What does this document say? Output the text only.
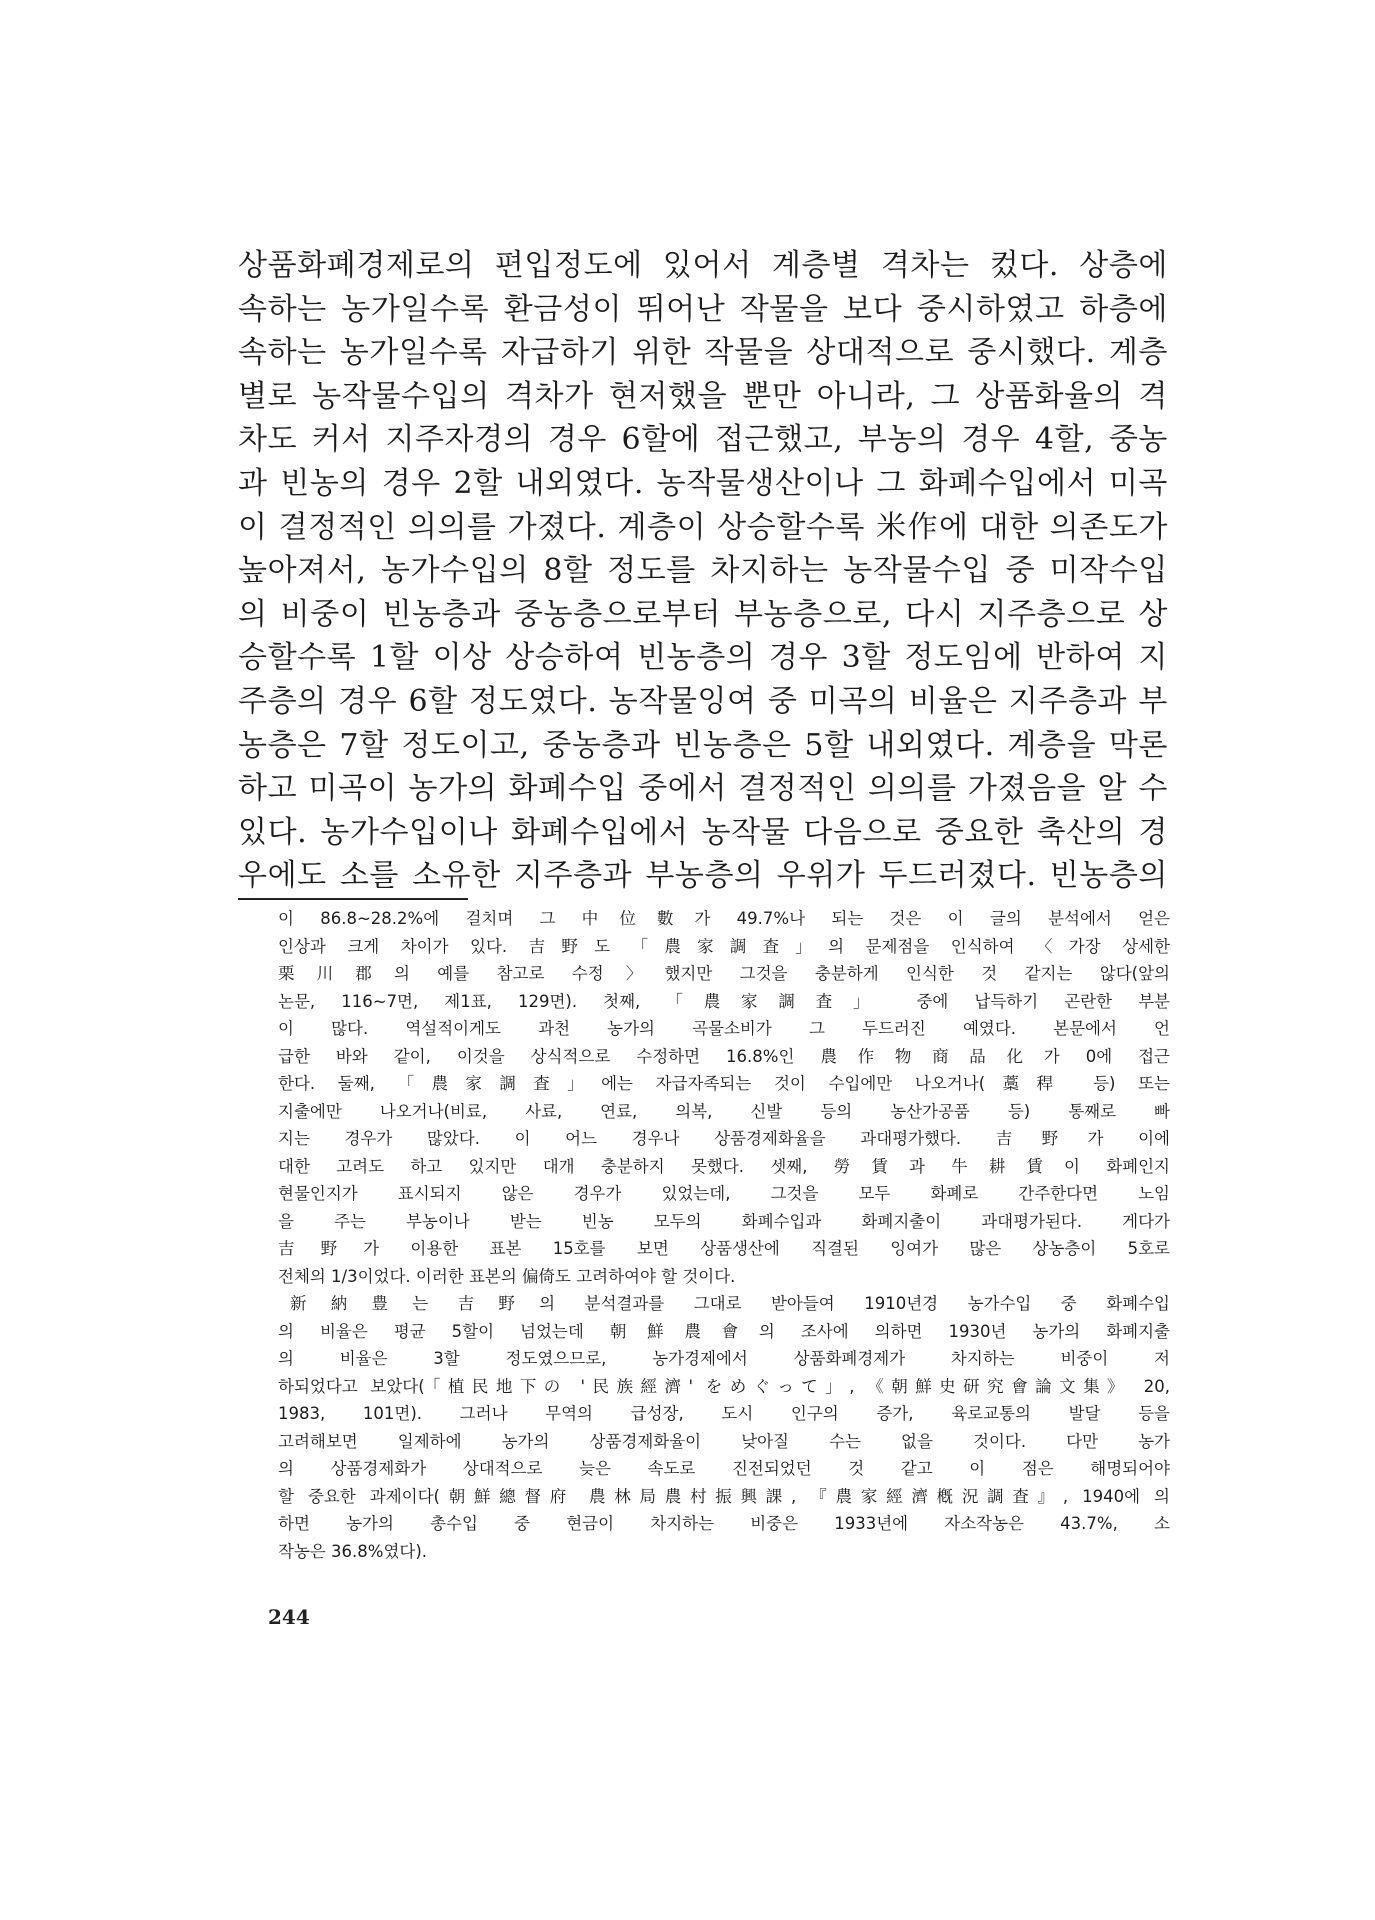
상품화폐경제로의 편입정도에 있어서 계층별 격차는 컸다. 상층에
속하는 농가일수록 환금성이 뛰어난 작물을 보다 중시하였고 하층에
속하는 농가일수록 자급하기 위한 작물을 상대적으로 중시했다. 계층
별로 농작물수입의 격차가 현저했을 뿐만 아니라, 그 상품화율의 격
차도 커서 지주자경의 경우 6할에 접근했고, 부농의 경우 4할, 중농
과 빈농의 경우 2할 내외였다. 농작물생산이나 그 화폐수입에서 미곡
이 결정적인 의의를 가졌다. 계층이 상승할수록 米作에 대한 의존도가
높아져서, 농가수입의 8할 정도를 차지하는 농작물수입 중 미작수입
의 비중이 빈농층과 중농층으로부터 부농층으로, 다시 지주층으로 상
승할수록 1할 이상 상승하여 빈농층의 경우 3할 정도임에 반하여 지
주층의 경우 6할 정도였다. 농작물잉여 중 미곡의 비율은 지주층과 부
농층은 7할 정도이고, 중농층과 빈농층은 5할 내외였다. 계층을 막론
하고 미곡이 농가의 화폐수입 중에서 결정적인 의의를 가졌음을 알 수
있다. 농가수입이나 화폐수입에서 농작물 다음으로 중요한 축산의 경
우에도 소를 소유한 지주층과 부농층의 우위가 두드러졌다. 빈농층의
이 86.8~28.2%에 걸치며 그 中位數가 49.7%나 되는 것은 이 글의 분석에서 얻은
인상과 크게 차이가 있다. 吉野도 「農家調査」의 문제점을 인식하여 〈가장 상세한
栗川郡의 예를 참고로 수정〉했지만 그것을 충분하게 인식한 것 같지는 않다(앞의
논문, 116~7면, 제1표, 129면). 첫째, 「農家調査」 중에 납득하기 곤란한 부분
이 많다. 역설적이게도 과천 농가의 곡물소비가 그 두드러진 예였다. 본문에서 언
급한 바와 같이, 이것을 상식적으로 수정하면 16.8%인 農作物商品化가 0에 접근
한다. 둘째, 「農家調査」에는 자급자족되는 것이 수입에만 나오거나(藁稈 등) 또는
지출에만 나오거나(비료, 사료, 연료, 의복, 신발 등의 농산가공품 등) 통째로 빠
지는 경우가 많았다. 이 어느 경우나 상품경제화율을 과대평가했다. 吉野가 이에
대한 고려도 하고 있지만 대개 충분하지 못했다. 셋째, 勞賃과 牛耕賃이 화폐인지
현물인지가 표시되지 않은 경우가 있었는데, 그것을 모두 화폐로 간주한다면 노임
을 주는 부농이나 받는 빈농 모두의 화폐수입과 화폐지출이 과대평가된다. 게다가
吉野가 이용한 표본 15호를 보면 상품생산에 직결된 잉여가 많은 상농층이 5호로
전체의 1/3이었다. 이러한 표본의 偏倚도 고려하여야 할 것이다.
新納豊는 吉野의 분석결과를 그대로 받아들여 1910년경 농가수입 중 화폐수입
의 비율은 평균 5할이 넘었는데 朝鮮農會의 조사에 의하면 1930년 농가의 화폐지출
의 비율은 3할 정도였으므로, 농가경제에서 상품화폐경제가 차지하는 비중이 저
하되었다고 보았다(「植民地下の '民族經濟' をめぐって」, 《朝鮮史研究會論文集》 20,
1983, 101면). 그러나 무역의 급성장, 도시 인구의 증가, 육로교통의 발달 등을
고려해보면 일제하에 농가의 상품경제화율이 낮아질 수는 없을 것이다. 다만 농가
의 상품경제화가 상대적으로 늦은 속도로 진전되었던 것 같고 이 점은 해명되어야
할 중요한 과제이다(朝鮮總督府 農林局農村振興課, 『農家經濟槪況調査』, 1940에 의
하면 농가의 총수입 중 현금이 차지하는 비중은 1933년에 자소작농은 43.7%, 소
작농은 36.8%였다).
244
